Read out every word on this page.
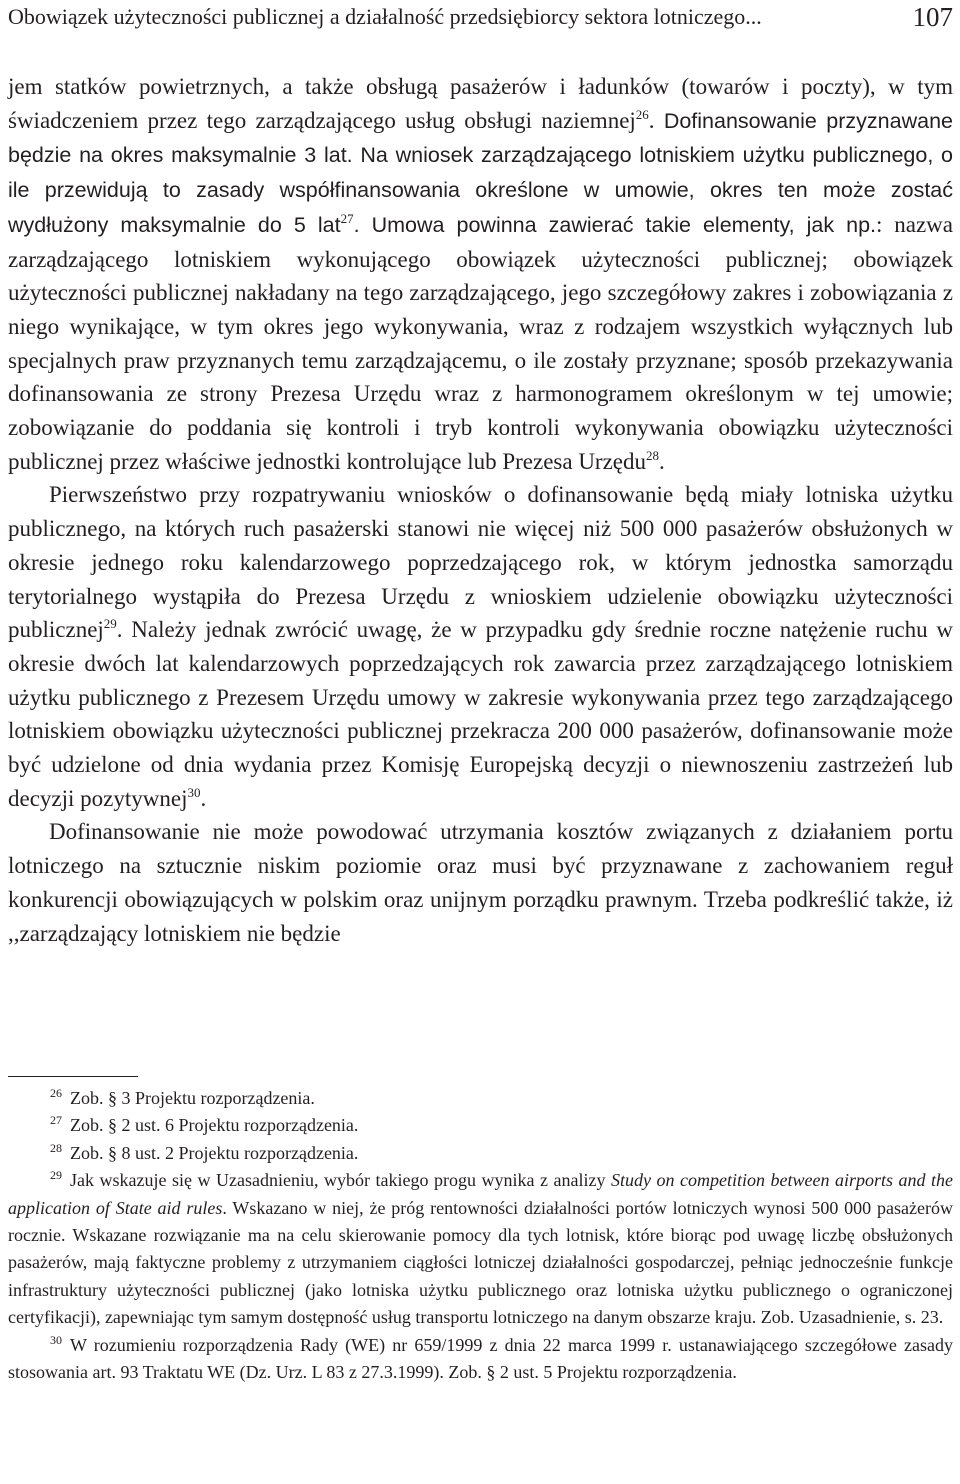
Obowiązek użyteczności publicznej a działalność przedsiębiorcy sektora lotniczego...	107

jem statków powietrznych, a także obsługą pasażerów i ładunków (towarów i poczty), w tym świadczeniem przez tego zarządzającego usług obsługi naziemnej$^{26}$. Dofinansowanie przyznawane będzie na okres maksymalnie 3 lat. Na wniosek zarządzającego lotniskiem użytku publicznego, o ile przewidują to zasady współfinansowania określone w umowie, okres ten może zostać wydłużony maksymalnie do 5 lat$^{27}$. Umowa powinna zawierać takie elementy, jak np.: nazwa zarządzającego lotniskiem wykonującego obowiązek użyteczności publicznej; obowiązek użyteczności publicznej nakładany na tego zarządzającego, jego szczegółowy zakres i zobowiązania z niego wynikające, w tym okres jego wykonywania, wraz z rodzajem wszystkich wyłącznych lub specjalnych praw przyznanych temu zarządzającemu, o ile zostały przyznane; sposób przekazywania dofinansowania ze strony Prezesa Urzędu wraz z harmonogramem określonym w tej umowie; zobowiązanie do poddania się kontroli i tryb kontroli wykonywania obowiązku użyteczności publicznej przez właściwe jednostki kontrolujące lub Prezesa Urzędu$^{28}$.

Pierwszeństwo przy rozpatrywaniu wniosków o dofinansowanie będą miały lotniska użytku publicznego, na których ruch pasażerski stanowi nie więcej niż 500 000 pasażerów obsłużonych w okresie jednego roku kalendarzowego poprzedzającego rok, w którym jednostka samorządu terytorialnego wystąpiła do Prezesa Urzędu z wnioskiem udzielenie obowiązku użyteczności publicznej$^{29}$. Należy jednak zwrócić uwagę, że w przypadku gdy średnie roczne natężenie ruchu w okresie dwóch lat kalendarzowych poprzedzających rok zawarcia przez zarządzającego lotniskiem użytku publicznego z Prezesem Urzędu umowy w zakresie wykonywania przez tego zarządzającego lotniskiem obowiązku użyteczności publicznej przekracza 200 000 pasażerów, dofinansowanie może być udzielone od dnia wydania przez Komisję Europejską decyzji o niewnoszeniu zastrzeżeń lub decyzji pozytywnej$^{30}$.

Dofinansowanie nie może powodować utrzymania kosztów związanych z działaniem portu lotniczego na sztucznie niskim poziomie oraz musi być przyznawane z zachowaniem reguł konkurencji obowiązujących w polskim oraz unijnym porządku prawnym. Trzeba podkreślić także, iż ,,zarządzający lotniskiem nie będzie

$^{26}$ Zob. § 3 Projektu rozporządzenia.

$^{27}$ Zob. § 2 ust. 6 Projektu rozporządzenia.

$^{28}$ Zob. § 8 ust. 2 Projektu rozporządzenia.

$^{29}$ Jak wskazuje się w Uzasadnieniu, wybór takiego progu wynika z analizy Study on competition between airports and the application of State aid rules. Wskazano w niej, że próg rentowności działalności portów lotniczych wynosi 500 000 pasażerów rocznie. Wskazane rozwiązanie ma na celu skierowanie pomocy dla tych lotnisk, które biorąc pod uwagę liczbę obsłużonych pasażerów, mają faktyczne problemy z utrzymaniem ciągłości lotniczej działalności gospodarczej, pełniąc jednocześnie funkcje infrastruktury użyteczności publicznej (jako lotniska użytku publicznego oraz lotniska użytku publicznego o ograniczonej certyfikacji), zapewniając tym samym dostępność usług transportu lotniczego na danym obszarze kraju. Zob. Uzasadnienie, s. 23.

$^{30}$ W rozumieniu rozporządzenia Rady (WE) nr 659/1999 z dnia 22 marca 1999 r. ustanawiającego szczegółowe zasady stosowania art. 93 Traktatu WE (Dz. Urz. L 83 z 27.3.1999). Zob. § 2 ust. 5 Projektu rozporządzenia.
